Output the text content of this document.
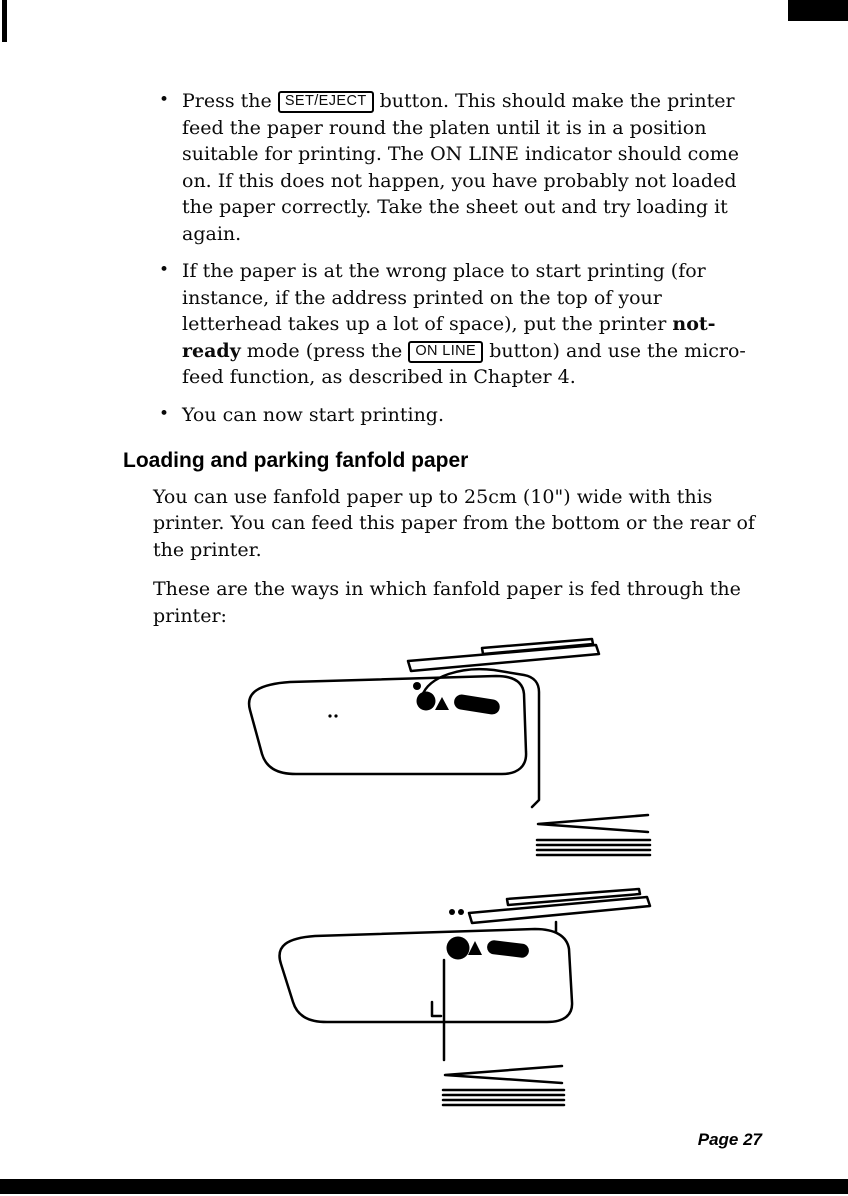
• Press the SET/EJECT button. This should make the printer feed the paper round the platen until it is in a position suitable for printing. The ON LINE indicator should come on. If this does not happen, you have probably not loaded the paper correctly. Take the sheet out and try loading it again.
• If the paper is at the wrong place to start printing (for instance, if the address printed on the top of your letterhead takes up a lot of space), put the printer not-ready mode (press the ON LINE button) and use the micro-feed function, as described in Chapter 4.
• You can now start printing.
Loading and parking fanfold paper

You can use fanfold paper up to 25cm (10") wide with this printer. You can feed this paper from the bottom or the rear of the printer.

These are the ways in which fanfold paper is fed through the printer:

Page 27
